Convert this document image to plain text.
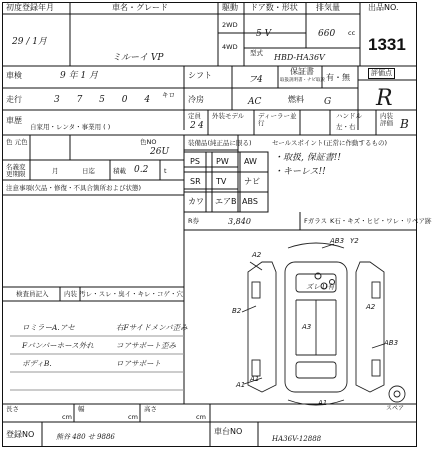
初度登録年月
29 / 1月
車名・グレード
ミルーイ VP
駆動
2WD
4WD
ドア数・形状
5 V
排気量
660 cc
型式 HBD-HA36V
出品NO.
1331
車検	9 年 1 月	シフト	フ4
保証書
取扱説明書・ナビ取説 有・無	評価点
R
走行	3 7 5 0 4 キロ 冷房	AC	燃料 G
車歴
自家用・レンタ・事業用 ( )
定員
2 4
外装モデル ディーラー並行
ハンドル
左・右
内装評価 B
色 元色	色NO
26U
名義変更期限	月	日迄	積載 0.2 t
注意事項(欠品・修復・不具合箇所および状態)
装備品(純正品に限る)
PS PW AW
SR TV ナビ
カワ エアB ABS
R券	3,840	Fガラス K石・キズ・ヒビ・ワレ・リペア跡
セールスポイント(正常に作動するもの)
・取扱, 保証書!!
・キーレス!!
検査員記入 内装 汚レ・スレ・臭イ・キレ・コゲ・穴
ロミラーA.アセ	右Fサイドメンバ歪み
Fバンパーホース外れ	コアサポート歪み
ボディB.	ロアサポート
AB3 Y2
A2
B2
A3
A1
A2
AB3
A1
A1
ズレ U有
スペア
長さ
cm
幅
cm
高さ
cm
登録NO	熊谷 480 せ 9886
車台NO
HA36V-12888
